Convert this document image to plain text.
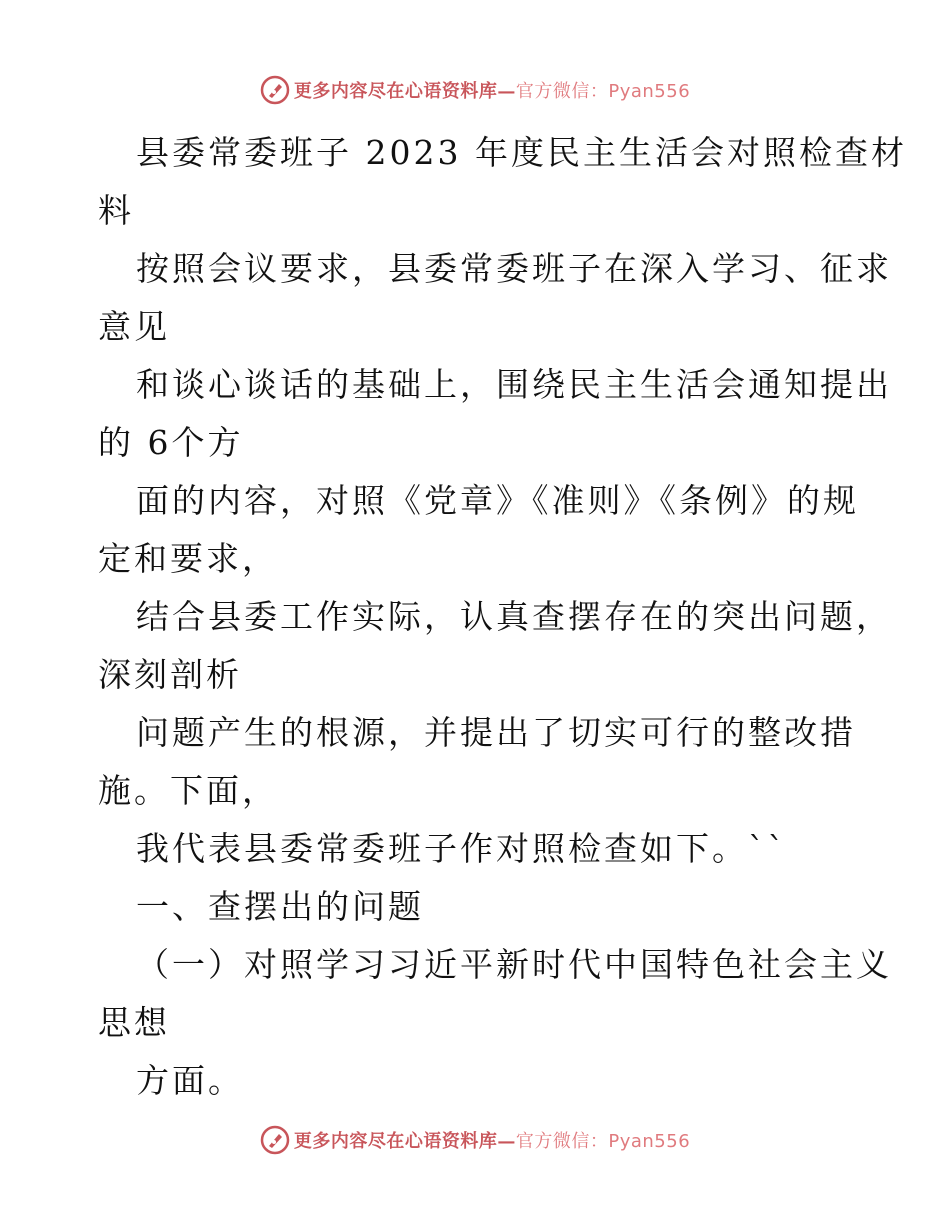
更多内容尽在心语资料库—官方微信：Pyan556
县委常委班子 2023 年度民主生活会对照检查材
料
按照会议要求，县委常委班子在深入学习、征求
意见
和谈心谈话的基础上，围绕民主生活会通知提出
的 6个方
面的内容，对照《党章》《准则》《条例》的规
定和要求，
结合县委工作实际，认真查摆存在的突出问题，
深刻剖析
问题产生的根源，并提出了切实可行的整改措
施。下面，
我代表县委常委班子作对照检查如下。``
一、查摆出的问题
（一）对照学习习近平新时代中国特色社会主义
思想
方面。
更多内容尽在心语资料库—官方微信：Pyan556
